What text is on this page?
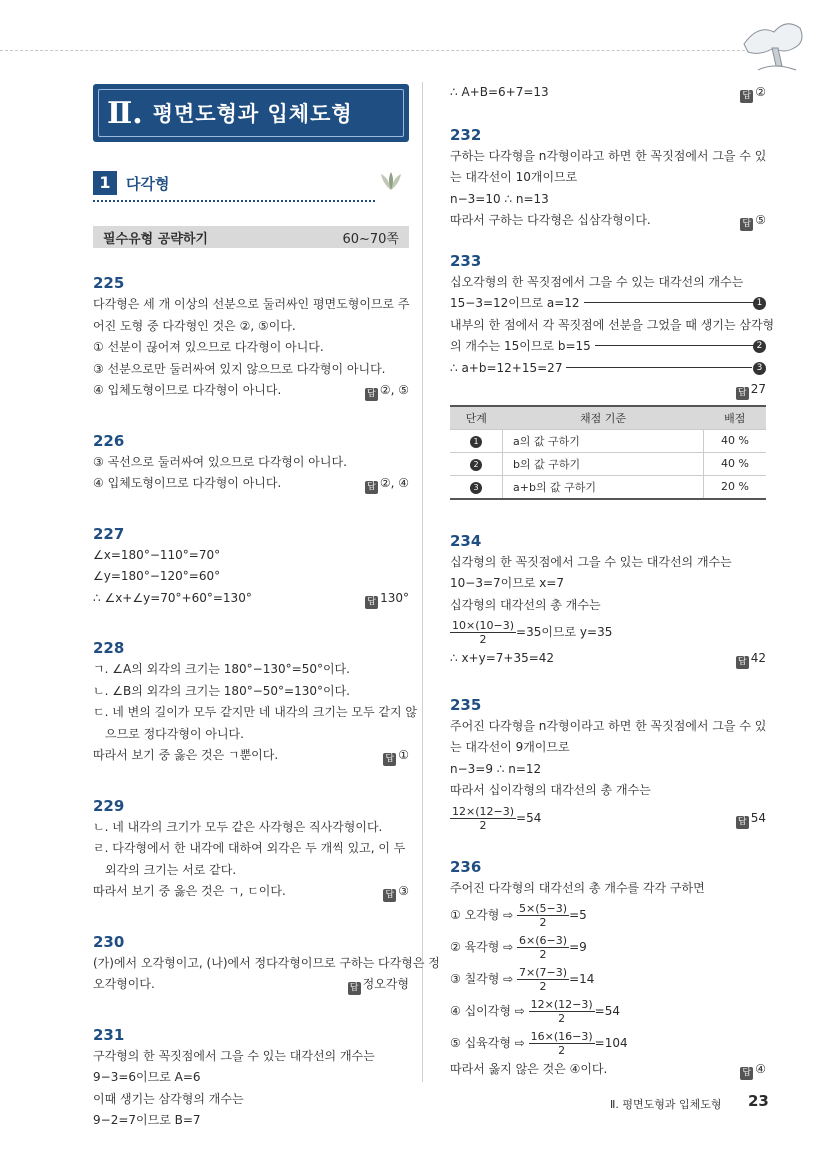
Ⅱ. 평면도형과 입체도형
1	다각형
필수유형 공략하기	60~70쪽
225
다각형은 세 개 이상의 선분으로 둘러싸인 평면도형이므로 주
어진 도형 중 다각형인 것은 ②, ⑤이다.
① 선분이 끊어져 있으므로 다각형이 아니다.
③ 선분으로만 둘러싸여 있지 않으므로 다각형이 아니다.
④ 입체도형이므로 다각형이 아니다.	답 ②, ⑤
226
③ 곡선으로 둘러싸여 있으므로 다각형이 아니다.
④ 입체도형이므로 다각형이 아니다.	답 ②, ④
227
∠x=180°−110°=70°
∠y=180°−120°=60°
∴ ∠x+∠y=70°+60°=130°	답 130°
228
ㄱ. ∠A의 외각의 크기는 180°−130°=50°이다.
ㄴ. ∠B의 외각의 크기는 180°−50°=130°이다.
ㄷ. 네 변의 길이가 모두 같지만 네 내각의 크기는 모두 같지 않
으므로 정다각형이 아니다.
따라서 보기 중 옳은 것은 ㄱ뿐이다.	답 ①
229
ㄴ. 네 내각의 크기가 모두 같은 사각형은 직사각형이다.
ㄹ. 다각형에서 한 내각에 대하여 외각은 두 개씩 있고, 이 두
외각의 크기는 서로 같다.
따라서 보기 중 옳은 것은 ㄱ, ㄷ이다.	답 ③
230
(가)에서 오각형이고, (나)에서 정다각형이므로 구하는 다각형은 정
오각형이다.	답 정오각형
231
구각형의 한 꼭짓점에서 그을 수 있는 대각선의 개수는
9−3=6이므로 A=6
이때 생기는 삼각형의 개수는
9−2=7이므로 B=7
∴ A+B=6+7=13	답 ②
232
구하는 다각형을 n각형이라고 하면 한 꼭짓점에서 그을 수 있
는 대각선이 10개이므로
n−3=10 ∴ n=13
따라서 구하는 다각형은 십삼각형이다.	답 ⑤
233
십오각형의 한 꼭짓점에서 그을 수 있는 대각선의 개수는
15−3=12이므로 a=12	1
내부의 한 점에서 각 꼭짓점에 선분을 그었을 때 생기는 삼각형
의 개수는 15이므로 b=15	2
∴ a+b=12+15=27	3
답 27
단계	채점 기준	배점
1	a의 값 구하기	40 %
2	b의 값 구하기	40 %
3	a+b의 값 구하기	20 %
234
십각형의 한 꼭짓점에서 그을 수 있는 대각선의 개수는
10−3=7이므로 x=7
십각형의 대각선의 총 개수는
$\frac{10\times(10-3)}{2} =35$이므로 y=35
∴ x+y=7+35=42	답 42
235
주어진 다각형을 n각형이라고 하면 한 꼭짓점에서 그을 수 있
는 대각선이 9개이므로
n−3=9 ∴ n=12
따라서 십이각형의 대각선의 총 개수는
$\frac{12\times(12-3)}{2} =54$	답 54
236
주어진 다각형의 대각선의 총 개수를 각각 구하면
① 오각형 ⇨ $\frac{5\times(5-3)}{2} =5$
② 육각형 ⇨ $\frac{6\times(6-3)}{2} =9$
③ 칠각형 ⇨ $\frac{7\times(7-3)}{2} =14$
④ 십이각형 ⇨ $\frac{12\times(12-3)}{2} =54$
⑤ 십육각형 ⇨ $\frac{16\times(16-3)}{2} =104$
따라서 옳지 않은 것은 ④이다.	답 ④
Ⅱ. 평면도형과 입체도형 23
